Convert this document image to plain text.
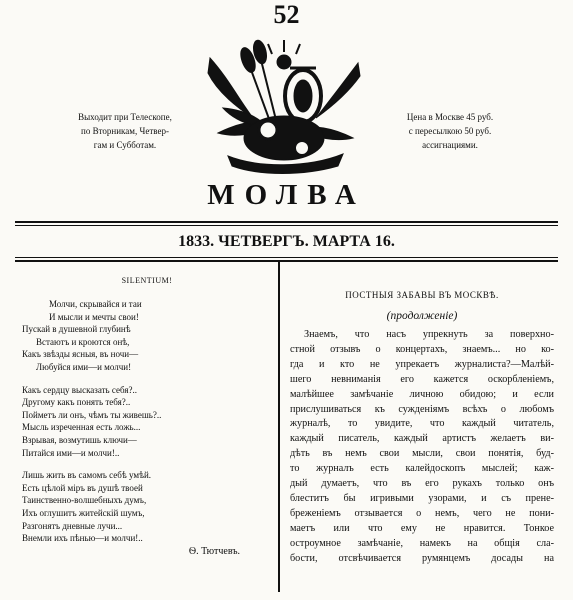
52
Выходит при Телескопе,
по Вторникам, Четвер-
гам и Субботам.
Цена в Москве 45 руб.
с пересылкою 50 руб.
ассигнациями.
МОЛВА
1833. ЧЕТВЕРГЪ. МАРТА 16.
SILENTIUM!
Молчи, скрывайся и таи
И мысли и мечты свои!
Пускай в душевной глубинѣ
Встаютъ и кроются онѣ,
Какъ звѣзды ясныя, въ ночи—
Любуйся ими—и молчи!
Какъ сердцу высказать себя?..
Другому какъ понять тебя?..
Пойметъ ли онъ, чѣмъ ты живешь?..
Мысль изреченная есть ложь...
Взрывая, возмутишь ключи—
Питайся ими—и молчи!..
Лишь жить въ самомъ себѣ умѣй.
Есть цѣлой міръ въ душѣ твоей
Таинственно-волшебныхъ думъ,
Ихъ оглушитъ житейскій шумъ,
Разгонятъ дневные лучи...
Внемли ихъ пѣнью—и молчи!..
Ѳ. Тютчевъ.
ПОСТНЫЯ ЗАБАВЫ ВЪ МОСКВѢ.
(продолженіе)
Знаемъ, что насъ упрекнуть за поверхно-
стной отзывъ о концертахъ, знаемъ... но ко-
гда и кто не упрекаетъ журналиста?—Малѣй-
шего невниманія его кажется оскорбленіемъ,
малѣйшее замѣчаніе личною обидою; и если
прислушиваться къ сужденіямъ всѣхъ о любомъ
журналѣ, то увидите, что каждый читатель,
каждый писатель, каждый артистъ желаетъ ви-
дѣть въ немъ свои мысли, свои понятія, буд-
то журналъ есть калейдоскопъ мыслей; каж-
дый думаетъ, что въ его рукахъ только онъ
блеститъ бы игривыми узорами, и съ прене-
бреженіемъ отзывается о немъ, чего не пони-
маетъ или что ему не нравится. Тонкое
остроумное замѣчаніе, намекъ на общія сла-
бости, отсвѣчивается румянцемъ досады на
